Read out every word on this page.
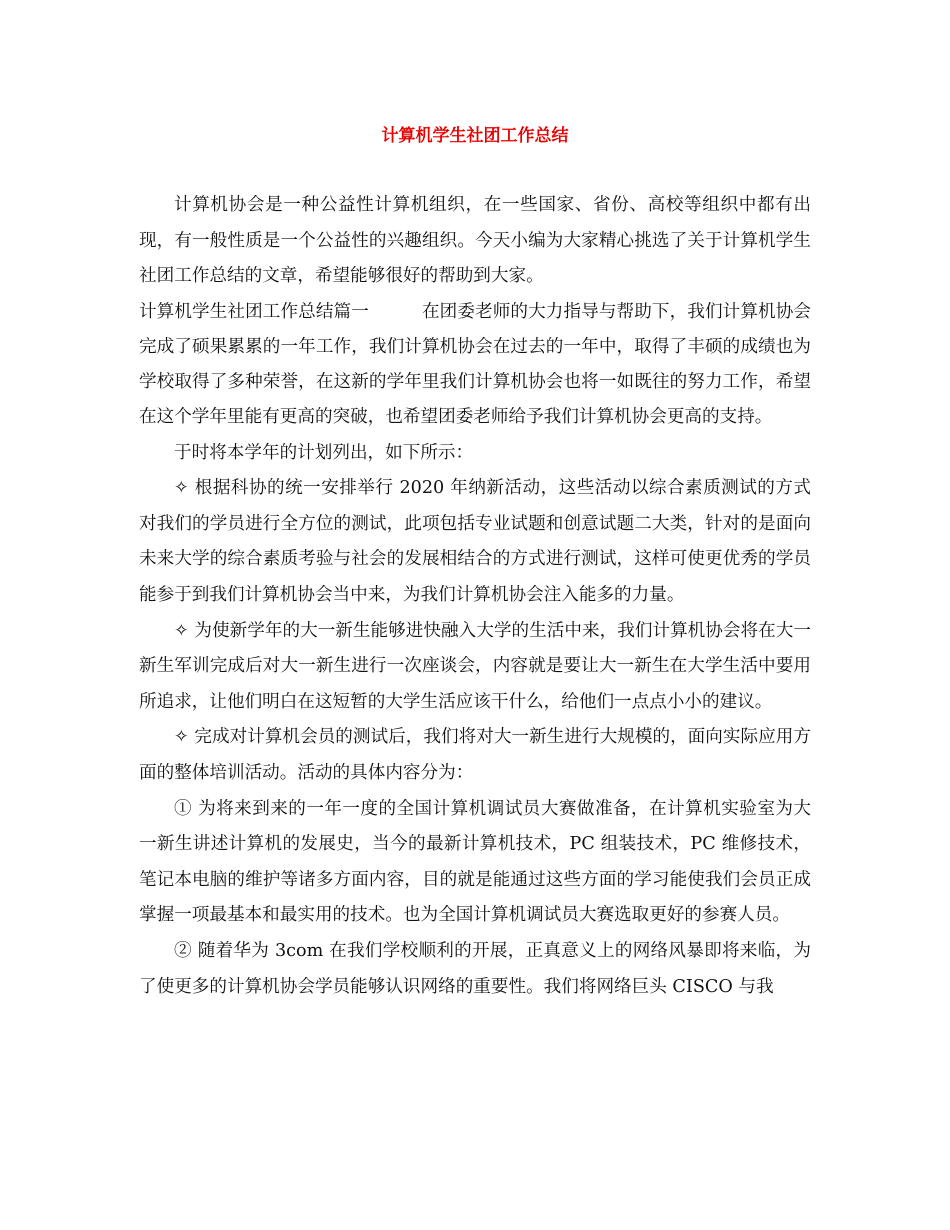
计算机学生社团工作总结

计算机协会是一种公益性计算机组织，在一些国家、省份、高校等组织中都有出现，有一般性质是一个公益性的兴趣组织。今天小编为大家精心挑选了关于计算机学生社团工作总结的文章，希望能够很好的帮助到大家。

计算机学生社团工作总结篇一　　　在团委老师的大力指导与帮助下，我们计算机协会完成了硕果累累的一年工作，我们计算机协会在过去的一年中，取得了丰硕的成绩也为学校取得了多种荣誉，在这新的学年里我们计算机协会也将一如既往的努力工作，希望在这个学年里能有更高的突破，也希望团委老师给予我们计算机协会更高的支持。

于时将本学年的计划列出，如下所示：

✧ 根据科协的统一安排举行 2020 年纳新活动，这些活动以综合素质测试的方式对我们的学员进行全方位的测试，此项包括专业试题和创意试题二大类，针对的是面向未来大学的综合素质考验与社会的发展相结合的方式进行测试，这样可使更优秀的学员能参于到我们计算机协会当中来，为我们计算机协会注入能多的力量。

✧ 为使新学年的大一新生能够进快融入大学的生活中来，我们计算机协会将在大一新生军训完成后对大一新生进行一次座谈会，内容就是要让大一新生在大学生活中要用所追求，让他们明白在这短暂的大学生活应该干什么，给他们一点点小小的建议。

✧ 完成对计算机会员的测试后，我们将对大一新生进行大规模的，面向实际应用方面的整体培训活动。活动的具体内容分为：

① 为将来到来的一年一度的全国计算机调试员大赛做准备，在计算机实验室为大一新生讲述计算机的发展史，当今的最新计算机技术，PC 组装技术，PC 维修技术，笔记本电脑的维护等诸多方面内容，目的就是能通过这些方面的学习能使我们会员正成掌握一项最基本和最实用的技术。也为全国计算机调试员大赛选取更好的参赛人员。

② 随着华为 3com 在我们学校顺利的开展，正真意义上的网络风暴即将来临，为了使更多的计算机协会学员能够认识网络的重要性。我们将网络巨头 CISCO 与我
